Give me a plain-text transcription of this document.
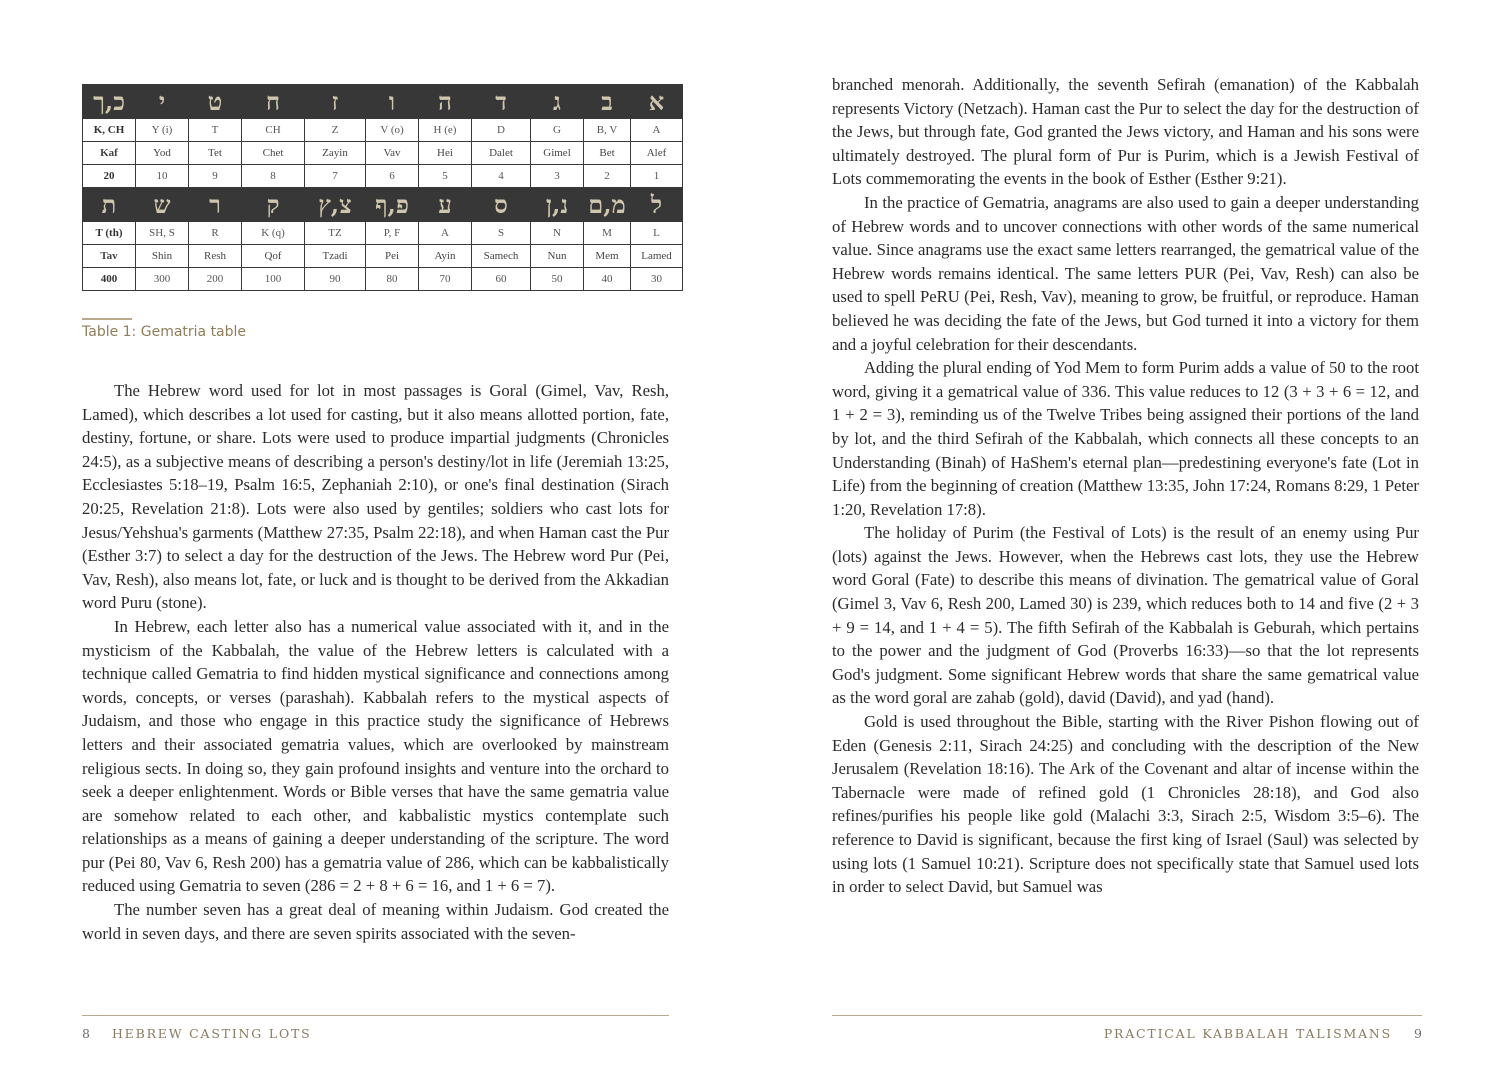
כ,ך	י	ט	ח	ז	ו	ה	ד	ג	ב	א
K, CH	Y (i)	T	CH	Z	V (o)	H (e)	D	G	B, V	A
Kaf	Yod	Tet	Chet	Zayin	Vav	Hei	Dalet	Gimel	Bet	Alef
20	10	9	8	7	6	5	4	3	2	1
ת	ש	ר	ק	צ,ץ	פ,ף	ע	ס	נ,ן	מ,ם	ל
T (th)	SH, S	R	K (q)	TZ	P, F	A	S	N	M	L
Tav	Shin	Resh	Qof	Tzadi	Pei	Ayin	Samech	Nun	Mem	Lamed
400	300	200	100	90	80	70	60	50	40	30
Table 1: Gematria table

The Hebrew word used for lot in most passages is Goral (Gimel, Vav, Resh, Lamed), which describes a lot used for casting, but it also means allotted portion, fate, destiny, fortune, or share. Lots were used to produce impartial judgments (Chronicles 24:5), as a subjective means of describing a person's destiny/lot in life (Jeremiah 13:25, Ecclesiastes 5:18–19, Psalm 16:5, Zephaniah 2:10), or one's final destination (Sirach 20:25, Revelation 21:8). Lots were also used by gentiles; soldiers who cast lots for Jesus/Yehshua's garments (Matthew 27:35, Psalm 22:18), and when Haman cast the Pur (Esther 3:7) to select a day for the destruction of the Jews. The Hebrew word Pur (Pei, Vav, Resh), also means lot, fate, or luck and is thought to be derived from the Akkadian word Puru (stone).

In Hebrew, each letter also has a numerical value associated with it, and in the mysticism of the Kabbalah, the value of the Hebrew letters is calculated with a technique called Gematria to find hidden mystical significance and connections among words, concepts, or verses (parashah). Kabbalah refers to the mystical aspects of Judaism, and those who engage in this practice study the significance of Hebrews letters and their associated gematria values, which are overlooked by mainstream religious sects. In doing so, they gain profound insights and venture into the orchard to seek a deeper enlightenment. Words or Bible verses that have the same gematria value are somehow related to each other, and kabbalistic mystics contemplate such relationships as a means of gaining a deeper understanding of the scripture. The word pur (Pei 80, Vav 6, Resh 200) has a gematria value of 286, which can be kabbalistically reduced using Gematria to seven (286 = 2 + 8 + 6 = 16, and 1 + 6 = 7).

The number seven has a great deal of meaning within Judaism. God created the world in seven days, and there are seven spirits associated with the seven-

8 HEBREW CASTING LOTS

branched menorah. Additionally, the seventh Sefirah (emanation) of the Kabbalah represents Victory (Netzach). Haman cast the Pur to select the day for the destruction of the Jews, but through fate, God granted the Jews victory, and Haman and his sons were ultimately destroyed. The plural form of Pur is Purim, which is a Jewish Festival of Lots commemorating the events in the book of Esther (Esther 9:21).

In the practice of Gematria, anagrams are also used to gain a deeper understanding of Hebrew words and to uncover connections with other words of the same numerical value. Since anagrams use the exact same letters rearranged, the gematrical value of the Hebrew words remains identical. The same letters PUR (Pei, Vav, Resh) can also be used to spell PeRU (Pei, Resh, Vav), meaning to grow, be fruitful, or reproduce. Haman believed he was deciding the fate of the Jews, but God turned it into a victory for them and a joyful celebration for their descendants.

Adding the plural ending of Yod Mem to form Purim adds a value of 50 to the root word, giving it a gematrical value of 336. This value reduces to 12 (3 + 3 + 6 = 12, and 1 + 2 = 3), reminding us of the Twelve Tribes being assigned their portions of the land by lot, and the third Sefirah of the Kabbalah, which connects all these concepts to an Understanding (Binah) of HaShem's eternal plan—predestining everyone's fate (Lot in Life) from the beginning of creation (Matthew 13:35, John 17:24, Romans 8:29, 1 Peter 1:20, Revelation 17:8).

The holiday of Purim (the Festival of Lots) is the result of an enemy using Pur (lots) against the Jews. However, when the Hebrews cast lots, they use the Hebrew word Goral (Fate) to describe this means of divination. The gematrical value of Goral (Gimel 3, Vav 6, Resh 200, Lamed 30) is 239, which reduces both to 14 and five (2 + 3 + 9 = 14, and 1 + 4 = 5). The fifth Sefirah of the Kabbalah is Geburah, which pertains to the power and the judgment of God (Proverbs 16:33)—so that the lot represents God's judgment. Some significant Hebrew words that share the same gematrical value as the word goral are zahab (gold), david (David), and yad (hand).

Gold is used throughout the Bible, starting with the River Pishon flowing out of Eden (Genesis 2:11, Sirach 24:25) and concluding with the description of the New Jerusalem (Revelation 18:16). The Ark of the Covenant and altar of incense within the Tabernacle were made of refined gold (1 Chronicles 28:18), and God also refines/purifies his people like gold (Malachi 3:3, Sirach 2:5, Wisdom 3:5–6). The reference to David is significant, because the first king of Israel (Saul) was selected by using lots (1 Samuel 10:21). Scripture does not specifically state that Samuel used lots in order to select David, but Samuel was

PRACTICAL KABBALAH TALISMANS 9
